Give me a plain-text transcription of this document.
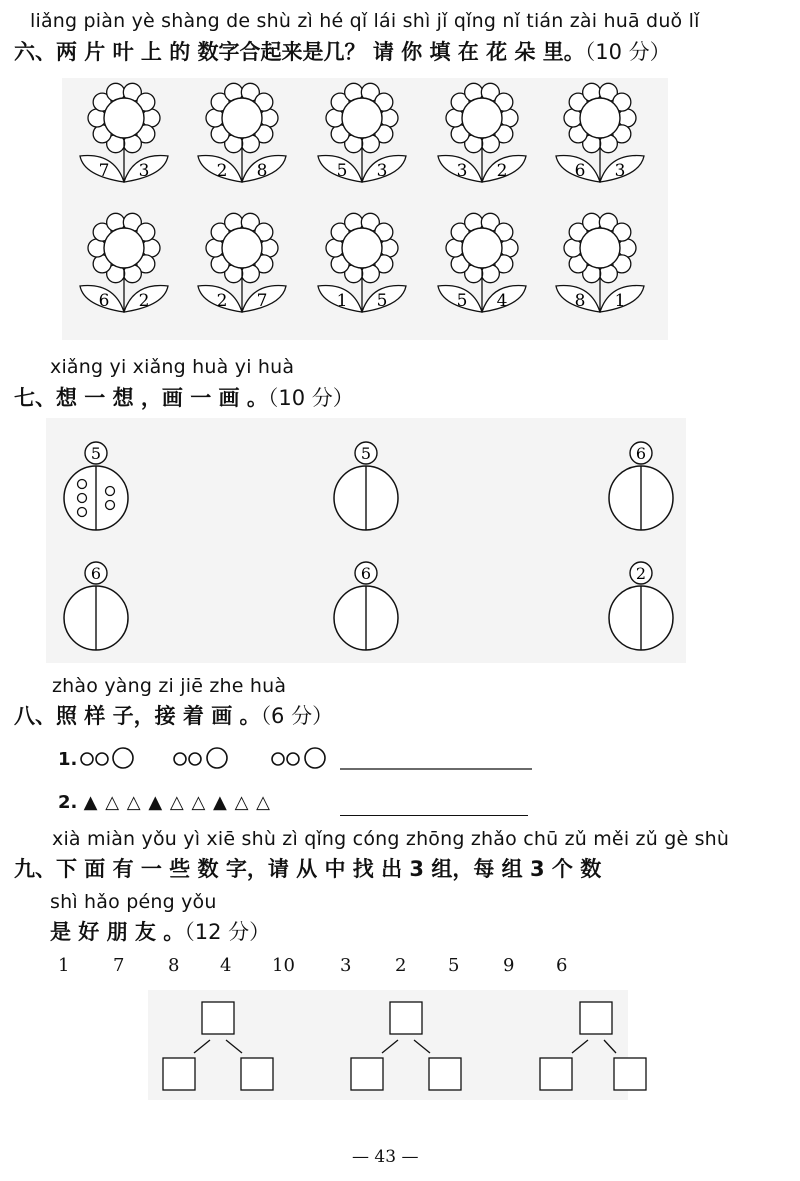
liǎng piàn yè shàng de shù zì hé qǐ lái shì jǐ qǐng nǐ tián zài huā duǒ lǐ
六、两 片 叶 上 的 数字合起来是几？ 请 你 填 在 花 朵 里。（10 分）
7 3	2 8	5 3	3 2	6 3
6 2	2 7	1 5	5 4	8 1
xiǎng yi xiǎng huà yi huà
七、想 一 想 ，画 一 画 。（10 分）
5	5	6
6	6	2
zhào yàng zi jiē zhe huà
八、照 样 子，接 着 画 。（6 分）
1.
2. ▲ △ △ ▲ △ △ ▲ △ △
xià miàn yǒu yì xiē shù zì qǐng cóng zhōng zhǎo chū zǔ měi zǔ gè shù
九、下 面 有 一 些 数 字，请 从 中 找 出 3 组，每 组 3 个 数
shì hǎo péng yǒu
是 好 朋 友 。（12 分）
1 7 8 4 10	3 2 5 9 6
— 43 —
